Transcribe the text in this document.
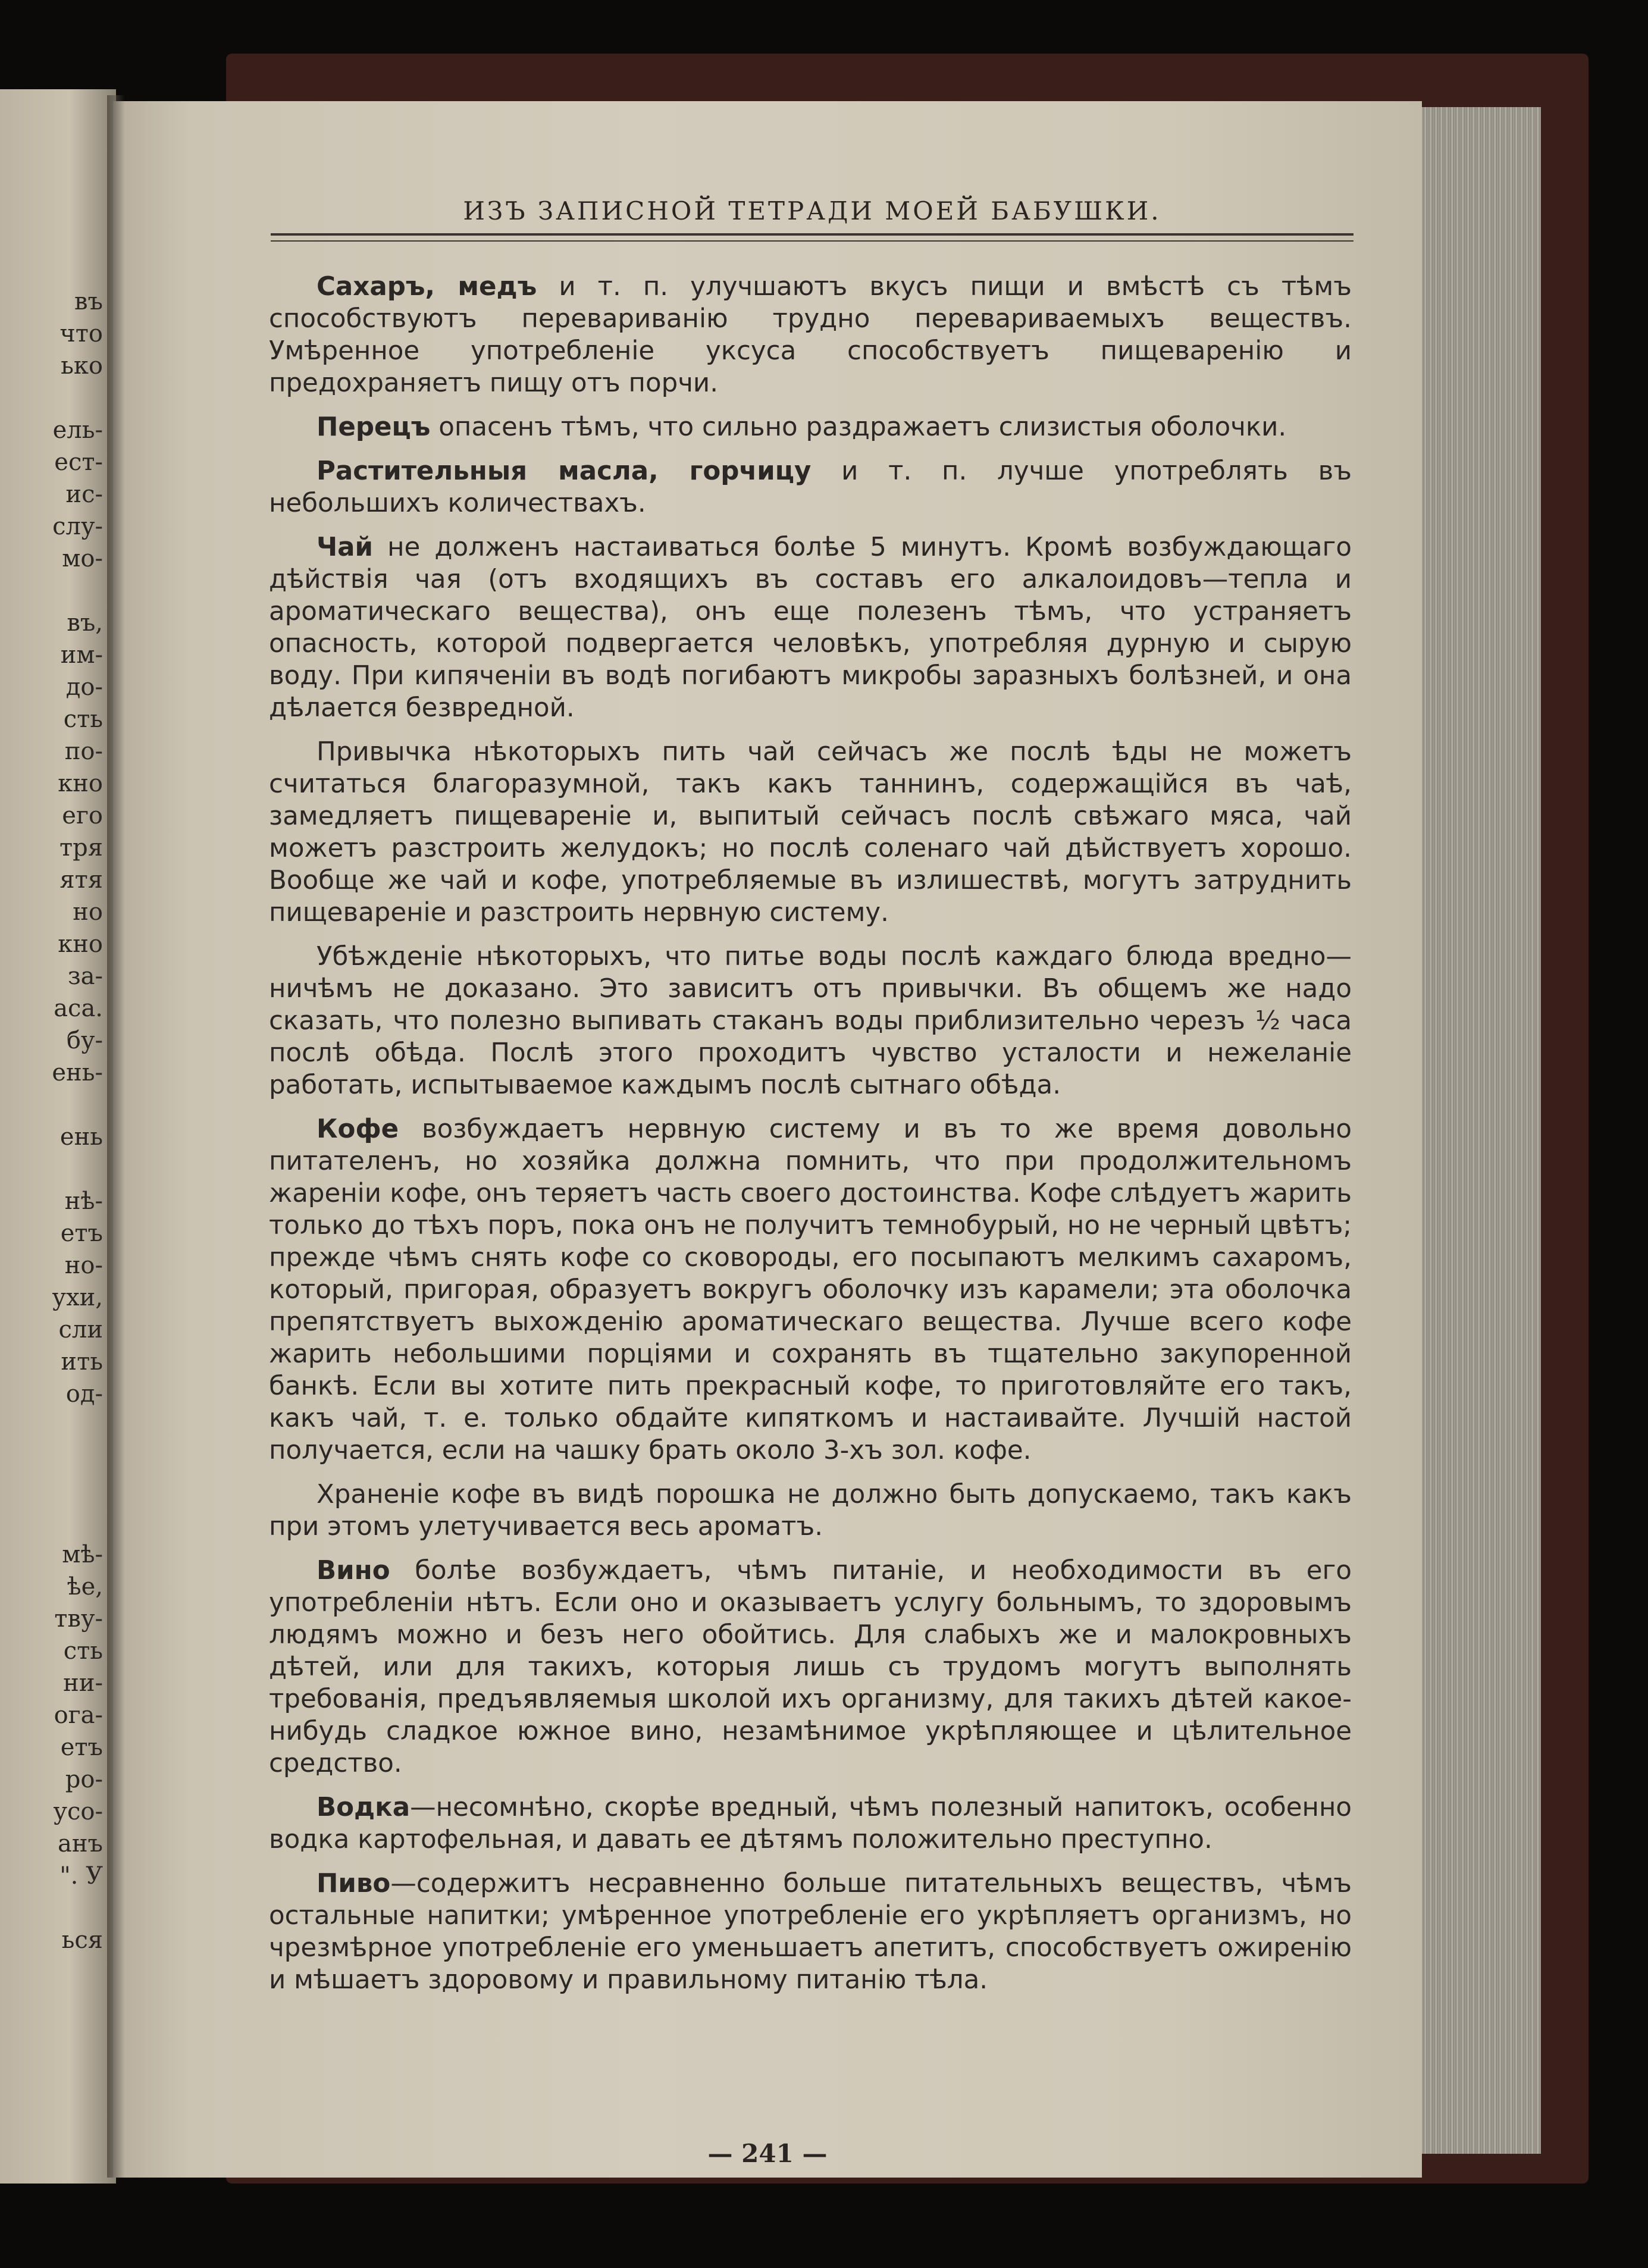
въ
что
ько
ель-
ест-
ис-
слу-
мо-
въ,
им-
до-
сть
по-
кно
его
тря
ятя
но
кно
за-
аса.
бу-
ень-
ень
нѣ-
етъ
но-
ухи,
сли
ить
од-
мѣ-
ѣе,
тву-
сть
ни-
ога-
етъ
ро-
усо-
анъ
". У
ься
ИЗЪ ЗАПИСНОЙ ТЕТРАДИ МОЕЙ БАБУШКИ.

Сахаръ, медъ и т. п. улучшаютъ вкусъ пищи и вмѣстѣ съ тѣмъ способствуютъ перевариванію трудно перевариваемыхъ веществъ. Умѣренное употребленіе уксуса способствуетъ пищеваренію и предохраняетъ пищу отъ порчи.

Перецъ опасенъ тѣмъ, что сильно раздражаетъ слизистыя оболочки.

Растительныя масла, горчицу и т. п. лучше употреблять въ небольшихъ количествахъ.

Чай не долженъ настаиваться болѣе 5 минутъ. Кромѣ возбуждающаго дѣйствія чая (отъ входящихъ въ составъ его алкалоидовъ—тепла и ароматическаго вещества), онъ еще полезенъ тѣмъ, что устраняетъ опасность, которой подвергается человѣкъ, употребляя дурную и сырую воду. При кипяченіи въ водѣ погибаютъ микробы заразныхъ болѣзней, и она дѣлается безвредной.

Привычка нѣкоторыхъ пить чай сейчасъ же послѣ ѣды не можетъ считаться благоразумной, такъ какъ таннинъ, содержащійся въ чаѣ, замедляетъ пищевареніе и, выпитый сейчасъ послѣ свѣжаго мяса, чай можетъ разстроить желудокъ; но послѣ соленаго чай дѣйствуетъ хорошо. Вообще же чай и кофе, употребляемые въ излишествѣ, могутъ затруднить пищевареніе и разстроить нервную систему.

Убѣжденіе нѣкоторыхъ, что питье воды послѣ каждаго блюда вредно—ничѣмъ не доказано. Это зависитъ отъ привычки. Въ общемъ же надо сказать, что полезно выпивать стаканъ воды приблизительно черезъ ½ часа послѣ обѣда. Послѣ этого проходитъ чувство усталости и нежеланіе работать, испытываемое каждымъ послѣ сытнаго обѣда.

Кофе возбуждаетъ нервную систему и въ то же время довольно питателенъ, но хозяйка должна помнить, что при продолжительномъ жареніи кофе, онъ теряетъ часть своего достоинства. Кофе слѣдуетъ жарить только до тѣхъ поръ, пока онъ не получитъ темнобурый, но не черный цвѣтъ; прежде чѣмъ снять кофе со сковороды, его посыпаютъ мелкимъ сахаромъ, который, пригорая, образуетъ вокругъ оболочку изъ карамели; эта оболочка препятствуетъ выхожденію ароматическаго вещества. Лучше всего кофе жарить небольшими порціями и сохранять въ тщательно закупоренной банкѣ. Если вы хотите пить прекрасный кофе, то приготовляйте его такъ, какъ чай, т. е. только обдайте кипяткомъ и настаивайте. Лучшій настой получается, если на чашку брать около 3-хъ зол. кофе.

Храненіе кофе въ видѣ порошка не должно быть допускаемо, такъ какъ при этомъ улетучивается весь ароматъ.

Вино болѣе возбуждаетъ, чѣмъ питаніе, и необходимости въ его употребленіи нѣтъ. Если оно и оказываетъ услугу больнымъ, то здоровымъ людямъ можно и безъ него обойтись. Для слабыхъ же и малокровныхъ дѣтей, или для такихъ, которыя лишь съ трудомъ могутъ выполнять требованія, предъявляемыя школой ихъ организму, для такихъ дѣтей какое-нибудь сладкое южное вино, незамѣнимое укрѣпляющее и цѣлительное средство.

Водка—несомнѣно, скорѣе вредный, чѣмъ полезный напитокъ, особенно водка картофельная, и давать ее дѣтямъ положительно преступно.

Пиво—содержитъ несравненно больше питательныхъ веществъ, чѣмъ остальные напитки; умѣренное употребленіе его укрѣпляетъ организмъ, но чрезмѣрное употребленіе его уменьшаетъ апетитъ, способствуетъ ожиренію и мѣшаетъ здоровому и правильному питанію тѣла.

— 241 —
